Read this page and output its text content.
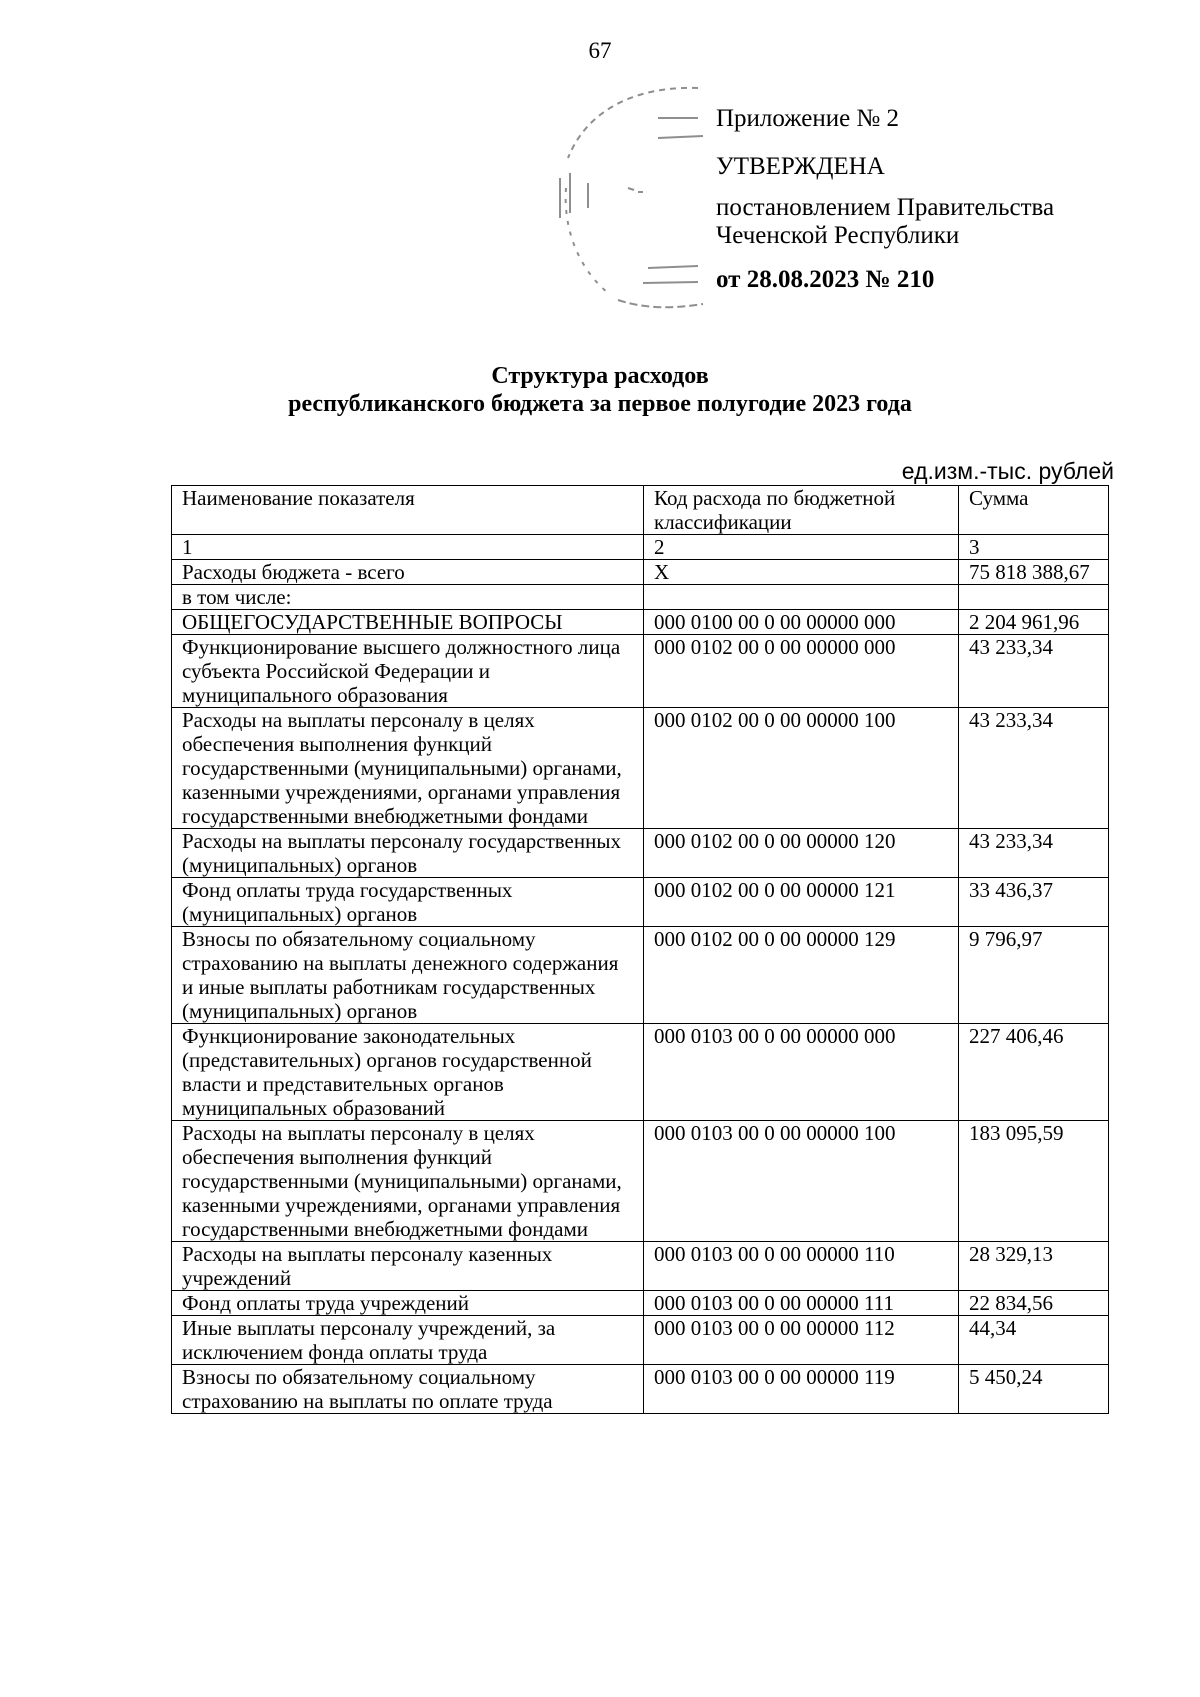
67
Приложение № 2
УТВЕРЖДЕНА
постановлением Правительства
Чеченской Республики
от 28.08.2023 № 210
Структура расходов
республиканского бюджета за первое полугодие 2023 года
ед.изм.-тыс. рублей
Наименование показателя	Код расхода по бюджетной классификации	Сумма
1	2	3
Расходы бюджета - всего	X	75 818 388,67
в том числе:		
ОБЩЕГОСУДАРСТВЕННЫЕ ВОПРОСЫ	000 0100 00 0 00 00000 000	2 204 961,96
Функционирование высшего должностного лица субъекта Российской Федерации и муниципального образования	000 0102 00 0 00 00000 000	43 233,34
Расходы на выплаты персоналу в целях обеспечения выполнения функций государственными (муниципальными) органами, казенными учреждениями, органами управления государственными внебюджетными фондами	000 0102 00 0 00 00000 100	43 233,34
Расходы на выплаты персоналу государственных (муниципальных) органов	000 0102 00 0 00 00000 120	43 233,34
Фонд оплаты труда государственных (муниципальных) органов	000 0102 00 0 00 00000 121	33 436,37
Взносы по обязательному социальному страхованию на выплаты денежного содержания и иные выплаты работникам государственных (муниципальных) органов	000 0102 00 0 00 00000 129	9 796,97
Функционирование законодательных (представительных) органов государственной власти и представительных органов муниципальных образований	000 0103 00 0 00 00000 000	227 406,46
Расходы на выплаты персоналу в целях обеспечения выполнения функций государственными (муниципальными) органами, казенными учреждениями, органами управления государственными внебюджетными фондами	000 0103 00 0 00 00000 100	183 095,59
Расходы на выплаты персоналу казенных учреждений	000 0103 00 0 00 00000 110	28 329,13
Фонд оплаты труда учреждений	000 0103 00 0 00 00000 111	22 834,56
Иные выплаты персоналу учреждений, за исключением фонда оплаты труда	000 0103 00 0 00 00000 112	44,34
Взносы по обязательному социальному страхованию на выплаты по оплате труда	000 0103 00 0 00 00000 119	5 450,24
